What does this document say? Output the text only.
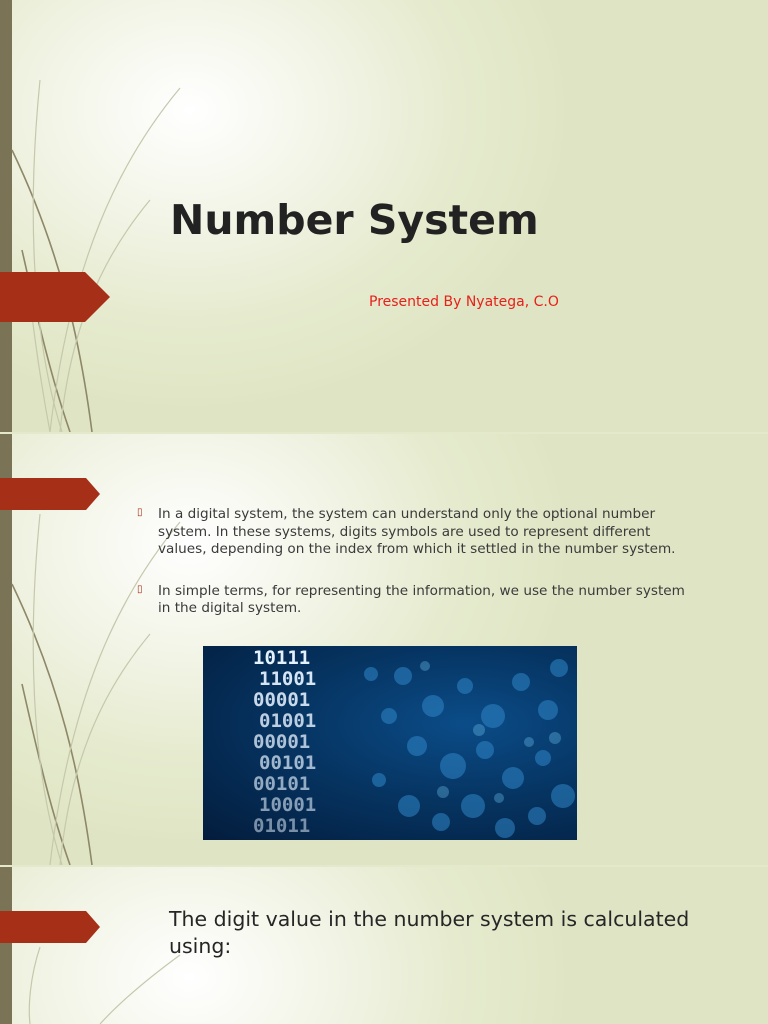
Number System
Presented By Nyatega, C.O
▯ In a digital system, the system can understand only the optional number system. In these systems, digits symbols are used to represent different values, depending on the index from which it settled in the number system.
▯ In simple terms, for representing the information, we use the number system in the digital system.
10111
11001
00001
01001
00001
00101
00101
10001
01011
The digit value in the number system is calculated using:
